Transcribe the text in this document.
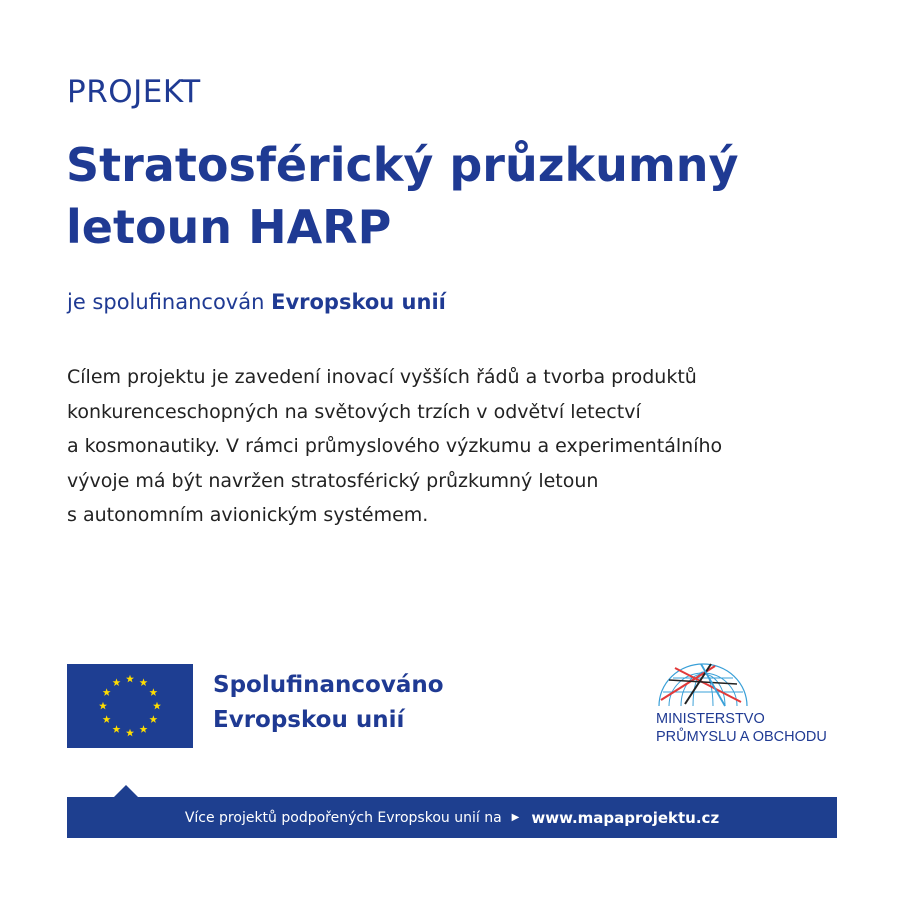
PROJEKT
Stratosférický průzkumný
letoun HARP
je spolufinancován Evropskou unií
Cílem projektu je zavedení inovací vyšších řádů a tvorba produktů
konkurenceschopných na světových trzích v odvětví letectví
a kosmonautiky. V rámci průmyslového výzkumu a experimentálního
vývoje má být navržen stratosférický průzkumný letoun
s autonomním avionickým systémem.
Spolufinancováno
Evropskou unií	MINISTERSTVO
PRŮMYSLU A OBCHODU
Více projektů podpořených Evropskou unií na ▶ www.mapaprojektu.cz
